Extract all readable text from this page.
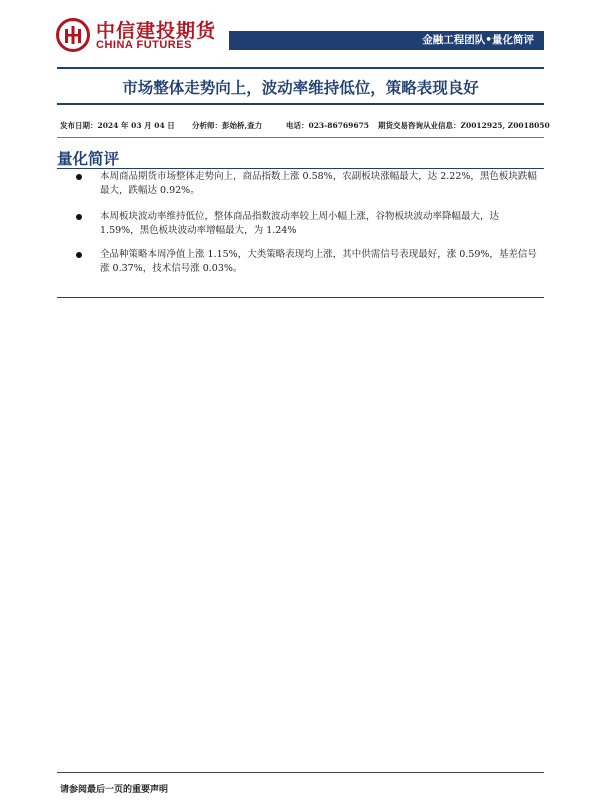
中信建投期货
CHINA FUTURES	金融工程团队•量化简评
市场整体走势向上，波动率维持低位，策略表现良好
发布日期：2024 年 03 月 04 日 分析师：彭始桥,查力	电话：023-86769675 期货交易咨询从业信息：Z0012925, Z0018050
量化简评
本周商品期货市场整体走势向上，商品指数上涨 0.58%，农副板块涨幅最大，达 2.22%，黑色板块跌幅最大，跌幅达 0.92%。
本周板块波动率维持低位，整体商品指数波动率较上周小幅上涨，谷物板块波动率降幅最大，达 1.59%，黑色板块波动率增幅最大，为 1.24%
全品种策略本周净值上涨 1.15%，大类策略表现均上涨，其中供需信号表现最好，涨 0.59%，基差信号涨 0.37%，技术信号涨 0.03%。
请参阅最后一页的重要声明
